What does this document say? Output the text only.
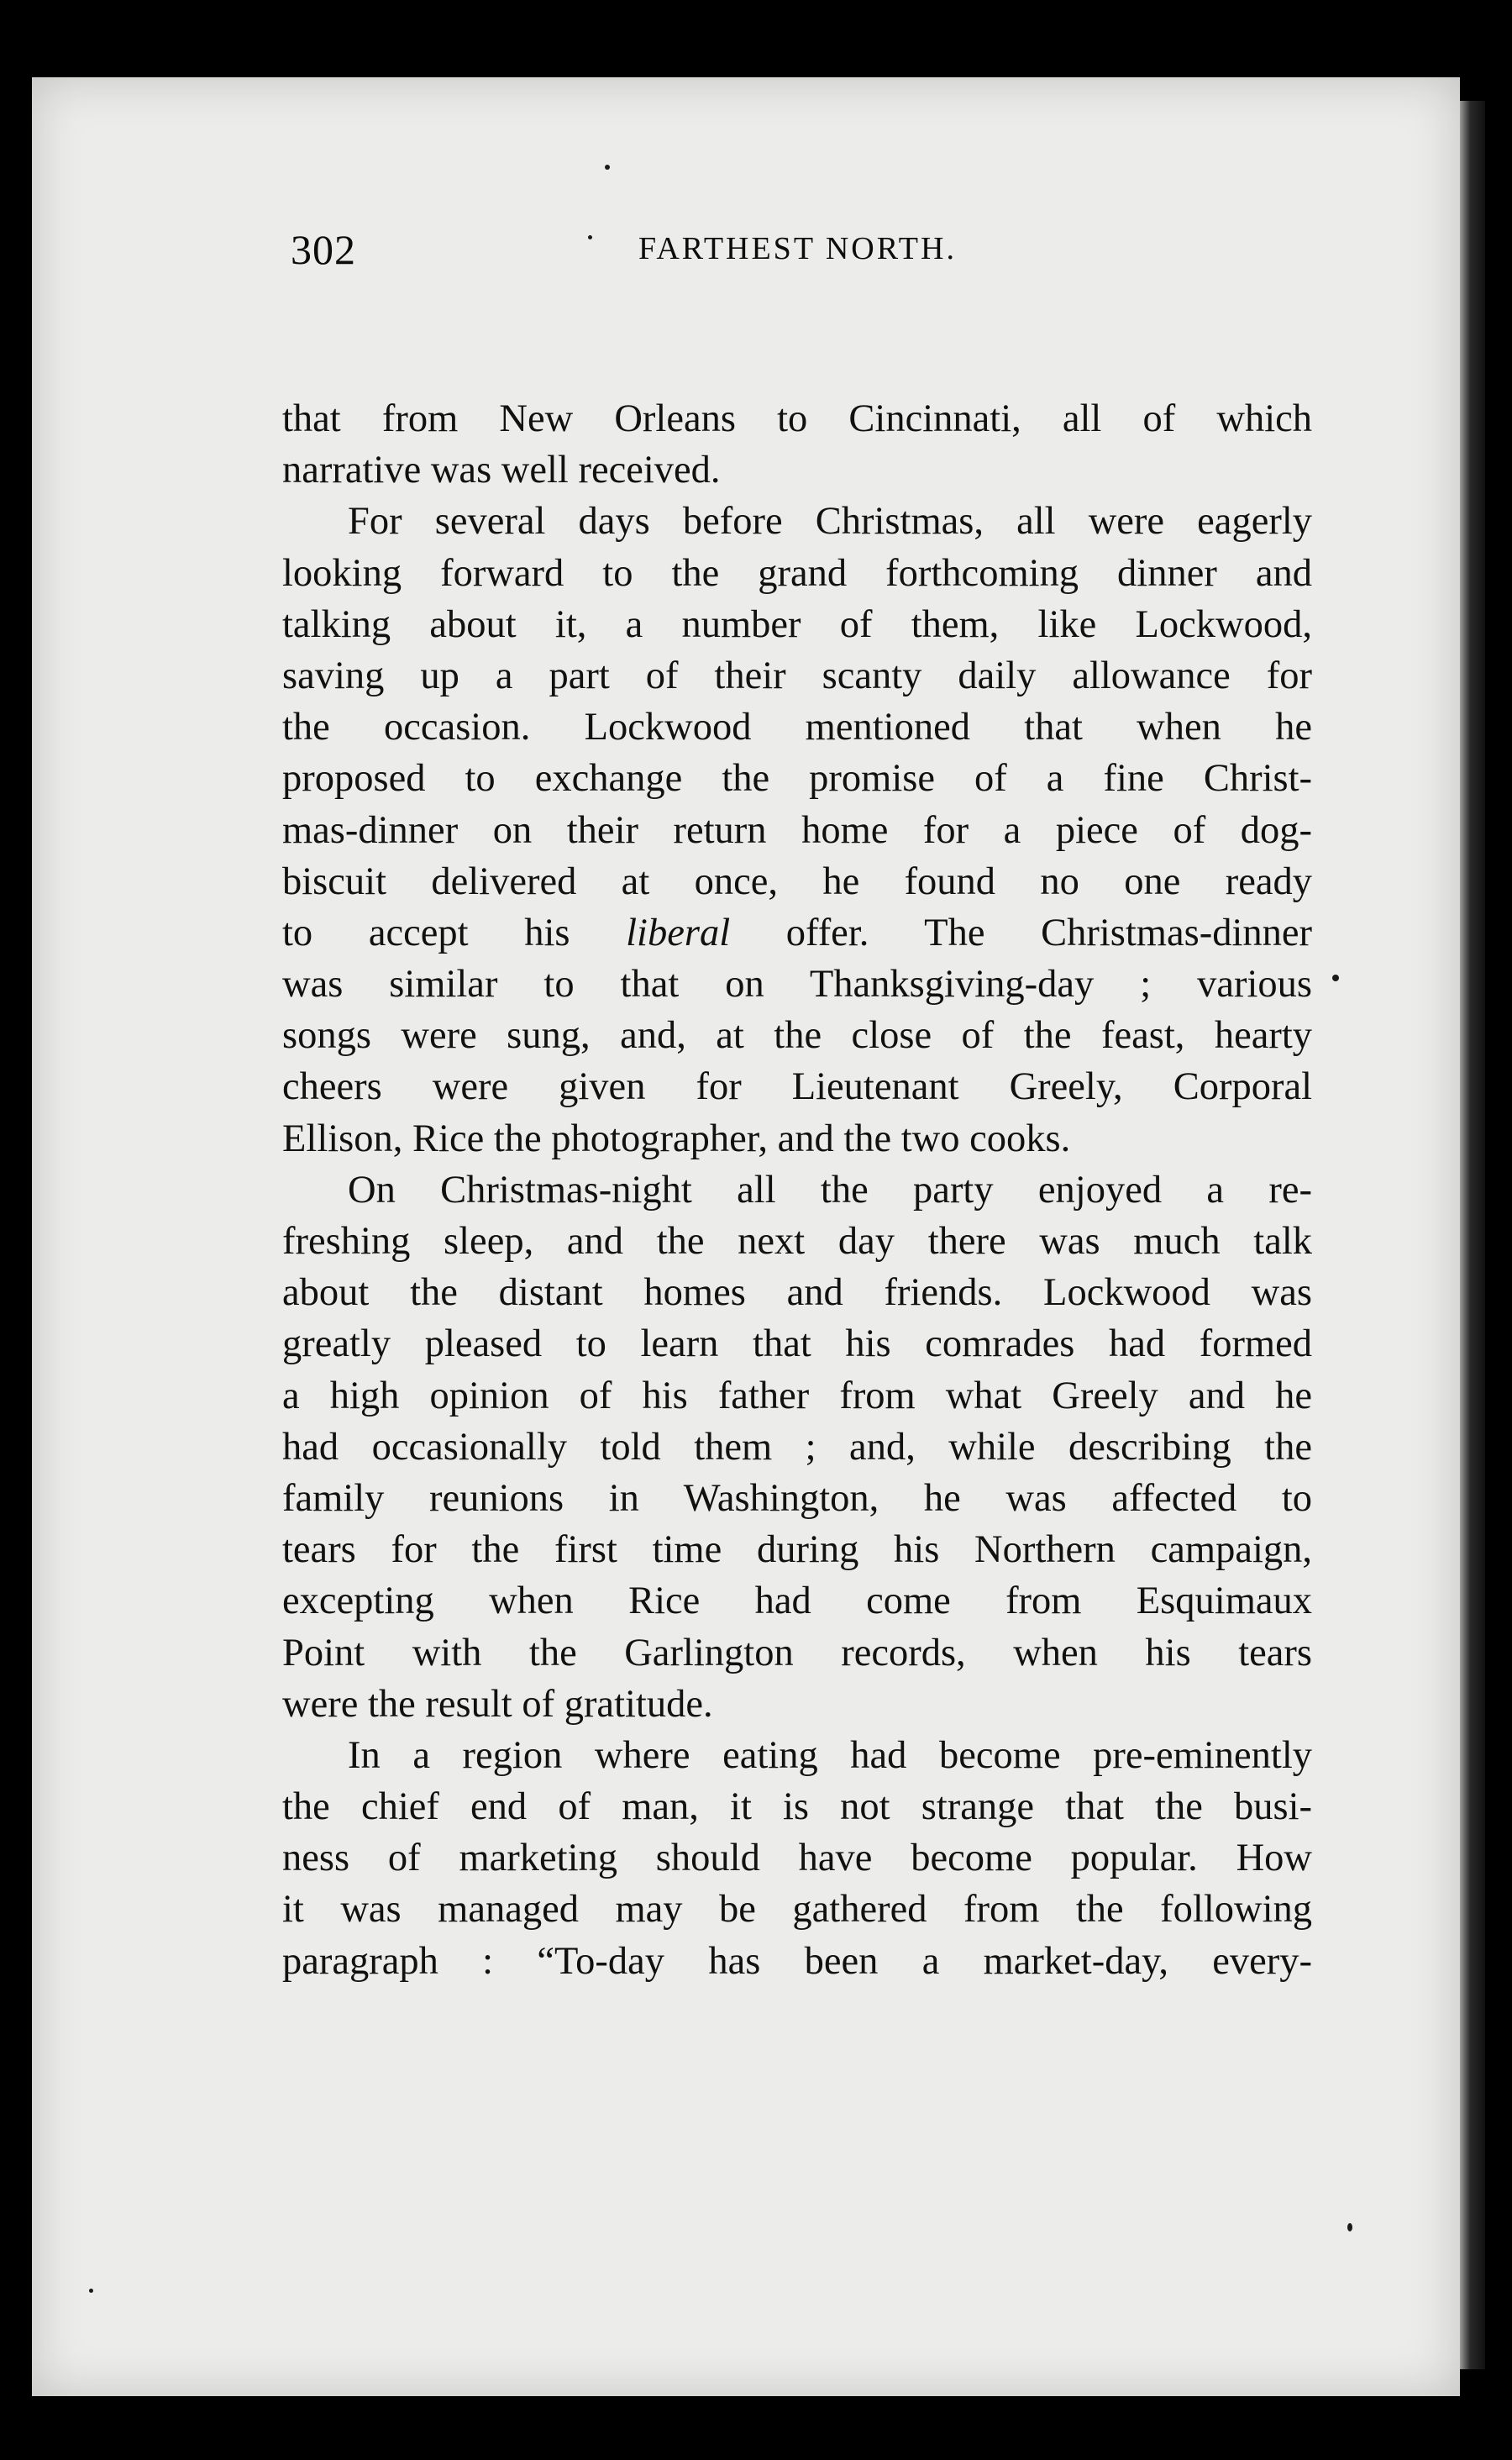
302	FARTHEST NORTH.

that from New Orleans to Cincinnati, all of which
narrative was well received.

For several days before Christmas, all were eagerly
looking forward to the grand forthcoming dinner and
talking about it, a number of them, like Lockwood,
saving up a part of their scanty daily allowance for
the occasion. Lockwood mentioned that when he
proposed to exchange the promise of a fine Christ-
mas-dinner on their return home for a piece of dog-
biscuit delivered at once, he found no one ready
to accept his liberal offer. The Christmas-dinner
was similar to that on Thanksgiving-day ; various
songs were sung, and, at the close of the feast, hearty
cheers were given for Lieutenant Greely, Corporal
Ellison, Rice the photographer, and the two cooks.

On Christmas-night all the party enjoyed a re-
freshing sleep, and the next day there was much talk
about the distant homes and friends. Lockwood was
greatly pleased to learn that his comrades had formed
a high opinion of his father from what Greely and he
had occasionally told them ; and, while describing the
family reunions in Washington, he was affected to
tears for the first time during his Northern campaign,
excepting when Rice had come from Esquimaux
Point with the Garlington records, when his tears
were the result of gratitude.

In a region where eating had become pre-eminently
the chief end of man, it is not strange that the busi-
ness of marketing should have become popular. How
it was managed may be gathered from the following
paragraph : “To-day has been a market-day, every-
